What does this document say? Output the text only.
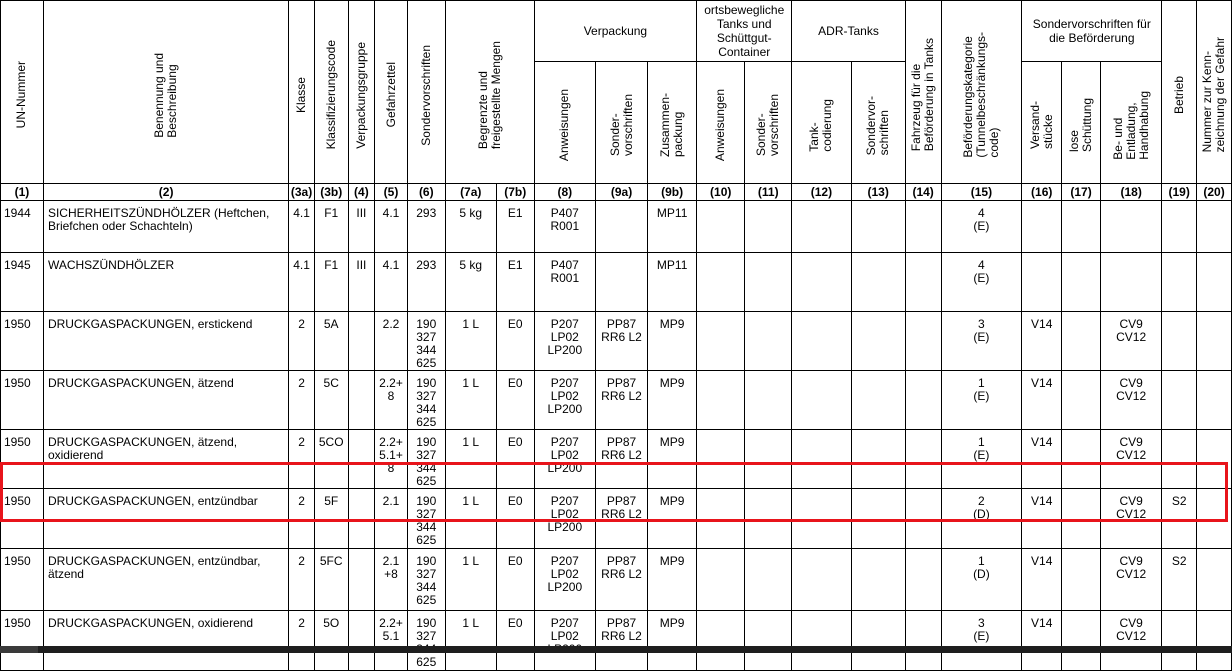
UN-Nummer	Benennung und
Beschreibung	Klasse	Klassifizierungscode	Verpackungsgruppe	Gefahrzettel	Sondervorschriften	Begrenzte und
freigestellte Mengen		Verpackung			ortsbewegliche
Tanks und
Schüttgut-
Container		ADR-Tanks		Fahrzeug für die
Beförderung in Tanks	Beförderungskategorie
(Tunnelbeschränkungs-
code)	Sondervorschriften für
die Beförderung			Betrieb	Nummer zur Kenn-
zeichnung der Gefahr

									Anweisungen	Sonder-
vorschriften	Zusammen-
packung	Anweisungen	Sonder-
vorschriften	Tank-
codierung	Sondervor-
schriften			Versand-
stücke	lose
Schüttung	Be- und
Entladung,
Handhabung		

(1)	(2)	(3a)	(3b)	(4)	(5)	(6)	(7a)	(7b)	(8)	(9a)	(9b)	(10)	(11)	(12)	(13)	(14)	(15)	(16)	(17)	(18)	(19)	(20)
1944	SICHERHEITSZÜNDHÖLZER (Heftchen,
Briefchen oder Schachteln)	4.1	F1	III	4.1	293	5 kg	E1	P407
R001		MP11						4
(E)					
1945	WACHSZÜNDHÖLZER	4.1	F1	III	4.1	293	5 kg	E1	P407
R001		MP11						4
(E)					
1950	DRUCKGASPACKUNGEN, erstickend	2	5A		2.2	190
327
344
625	1 L	E0	P207
LP02
LP200	PP87
RR6 L2	MP9						3
(E)	V14		CV9
CV12		
1950	DRUCKGASPACKUNGEN, ätzend	2	5C		2.2+
8	190
327
344
625	1 L	E0	P207
LP02
LP200	PP87
RR6 L2	MP9						1
(E)	V14		CV9
CV12		
1950	DRUCKGASPACKUNGEN, ätzend,
oxidierend	2	5CO		2.2+
5.1+
8	190
327
344
625	1 L	E0	P207
LP02
LP200	PP87
RR6 L2	MP9						1
(E)	V14		CV9
CV12		
1950	DRUCKGASPACKUNGEN, entzündbar	2	5F		2.1	190
327
344
625	1 L	E0	P207
LP02
LP200	PP87
RR6 L2	MP9						2
(D)	V14		CV9
CV12	S2	
1950	DRUCKGASPACKUNGEN, entzündbar,
ätzend	2	5FC		2.1
+8	190
327
344
625	1 L	E0	P207
LP02
LP200	PP87
RR6 L2	MP9						1
(D)	V14		CV9
CV12	S2	
1950	DRUCKGASPACKUNGEN, oxidierend	2	5O		2.2+
5.1	190
327

625	1 L	E0	P207
LP02	PP87
RR6 L2	MP9						3
(E)	V14		CV9
CV12		
